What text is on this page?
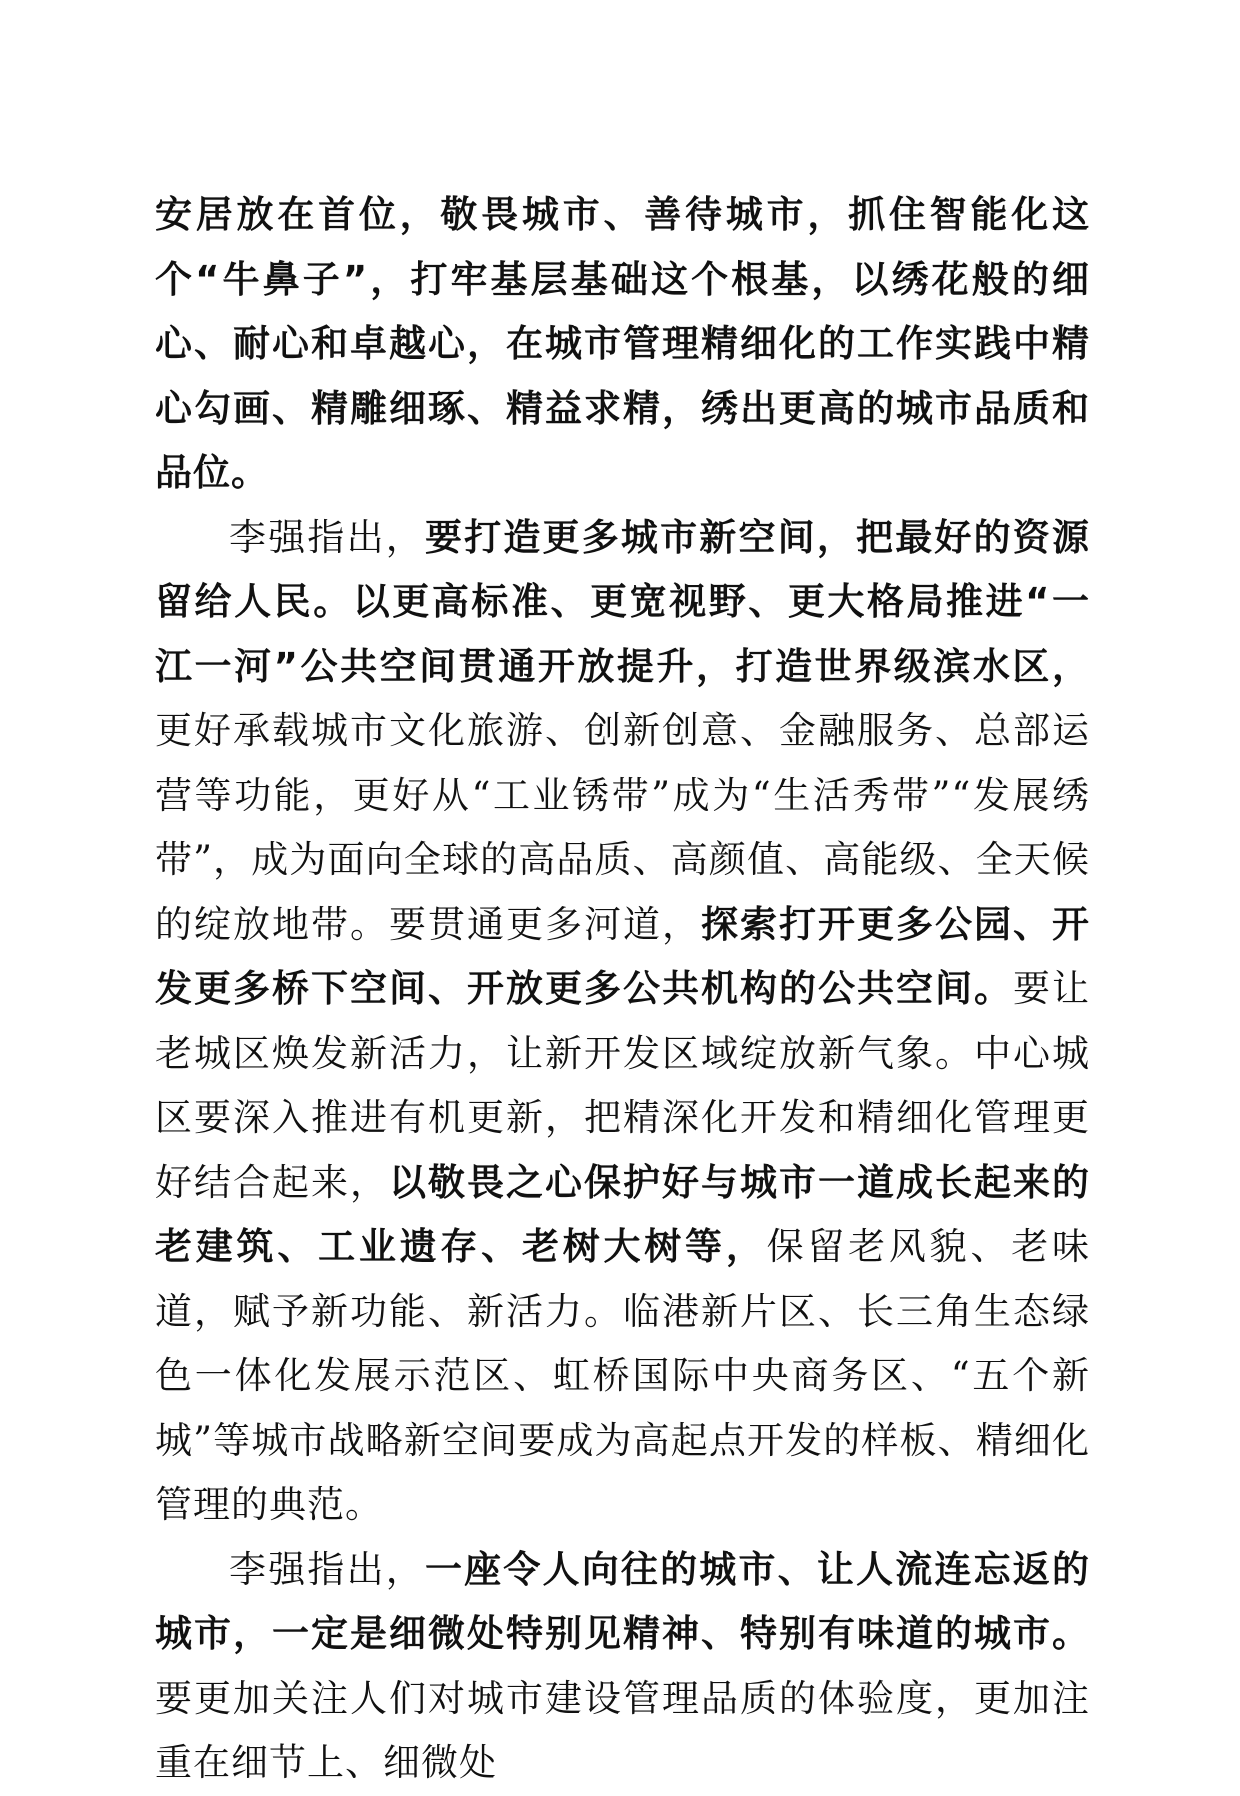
安居放在首位，敬畏城市、善待城市，抓住智能化这个“牛鼻子”，打牢基层基础这个根基，以绣花般的细心、耐心和卓越心，在城市管理精细化的工作实践中精心勾画、精雕细琢、精益求精，绣出更高的城市品质和品位。

李强指出，要打造更多城市新空间，把最好的资源留给人民。以更高标准、更宽视野、更大格局推进“一江一河”公共空间贯通开放提升，打造世界级滨水区，更好承载城市文化旅游、创新创意、金融服务、总部运营等功能，更好从“工业锈带”成为“生活秀带”“发展绣带”，成为面向全球的高品质、高颜值、高能级、全天候的绽放地带。要贯通更多河道，探索打开更多公园、开发更多桥下空间、开放更多公共机构的公共空间。要让老城区焕发新活力，让新开发区域绽放新气象。中心城区要深入推进有机更新，把精深化开发和精细化管理更好结合起来，以敬畏之心保护好与城市一道成长起来的老建筑、工业遗存、老树大树等，保留老风貌、老味道，赋予新功能、新活力。临港新片区、长三角生态绿色一体化发展示范区、虹桥国际中央商务区、“五个新城”等城市战略新空间要成为高起点开发的样板、精细化管理的典范。

李强指出，一座令人向往的城市、让人流连忘返的城市，一定是细微处特别见精神、特别有味道的城市。要更加关注人们对城市建设管理品质的体验度，更加注重在细节上、细微处
